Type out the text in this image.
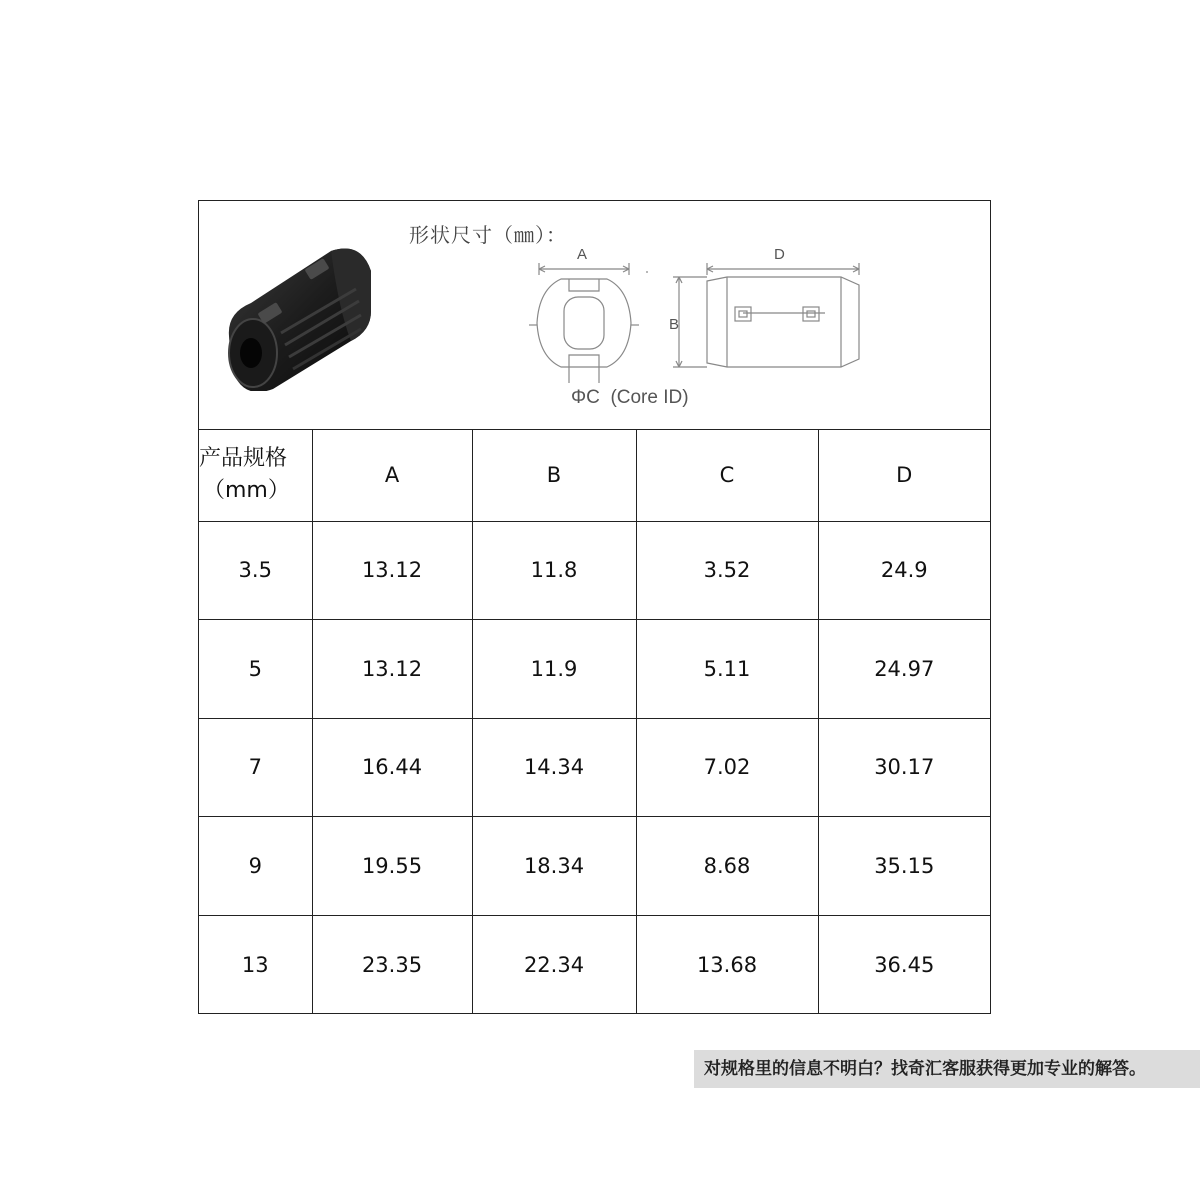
形状尺寸（㎜）：
A	D
B
ΦC  (Core ID)
产品规格
（mm）	A	B	C	D
3.5	13.12	11.8	3.52	24.9
5	13.12	11.9	5.11	24.97
7	16.44	14.34	7.02	30.17
9	19.55	18.34	8.68	35.15
13	23.35	22.34	13.68	36.45
对规格里的信息不明白？找奇汇客服获得更加专业的解答。
